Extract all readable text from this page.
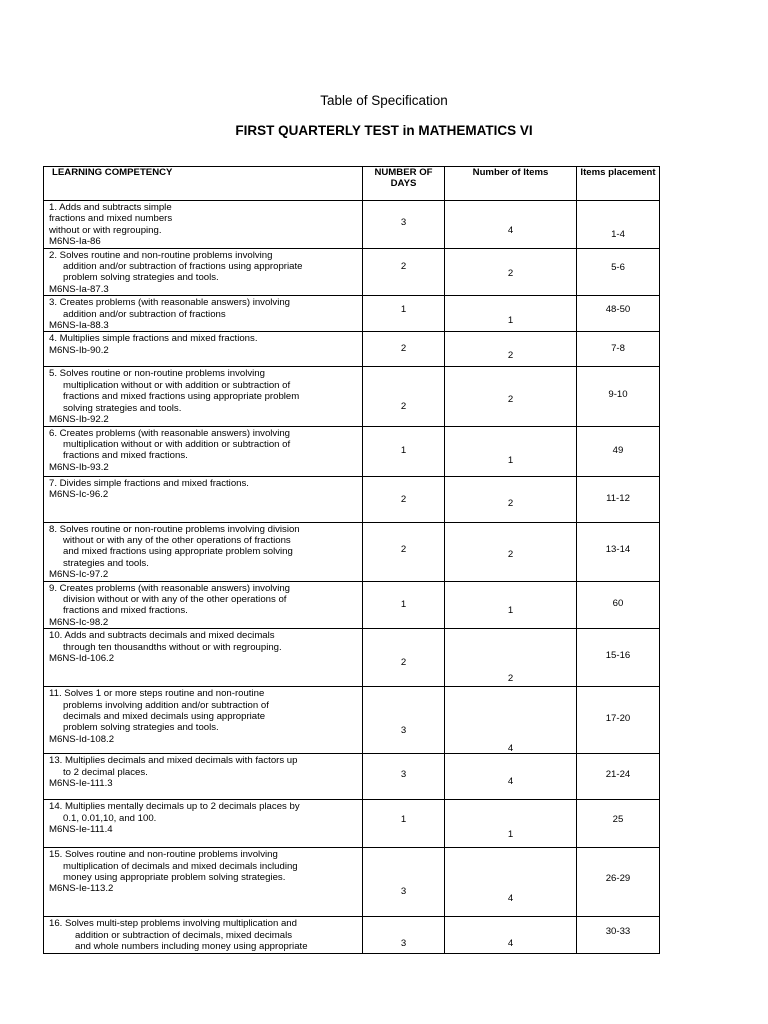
Table of Specification
FIRST QUARTERLY TEST in MATHEMATICS VI
LEARNING COMPETENCY	NUMBER OF DAYS	Number of Items	Items placement

1. Adds and subtracts simple
fractions and mixed numbers
without or with regrouping.
M6NS-Ia-86	3	4	1-4

2. Solves routine and non-routine problems involving
addition and/or subtraction of fractions using appropriate
problem solving strategies and tools.
M6NS-Ia-87.3	2	2	5-6

3. Creates problems (with reasonable answers) involving
addition and/or subtraction of fractions
M6NS-Ia-88.3	1	1	48-50

4. Multiplies simple fractions and mixed fractions.
M6NS-Ib-90.2	2	2	7-8

5. Solves routine or non-routine problems involving
multiplication without or with addition or subtraction of
fractions and mixed fractions using appropriate problem
solving strategies and tools.
M6NS-Ib-92.2	2	2	9-10

6. Creates problems (with reasonable answers) involving
multiplication without or with addition or subtraction of
fractions and mixed fractions.
M6NS-Ib-93.2	1	1	49

7. Divides simple fractions and mixed fractions.
M6NS-Ic-96.2	2	2	11-12

8. Solves routine or non-routine problems involving division
without or with any of the other operations of fractions
and mixed fractions using appropriate problem solving
strategies and tools.
M6NS-Ic-97.2	2	2	13-14

9. Creates problems (with reasonable answers) involving
division without or with any of the other operations of
fractions and mixed fractions.
M6NS-Ic-98.2	1	1	60

10. Adds and subtracts decimals and mixed decimals
through ten thousandths without or with regrouping.
M6NS-Id-106.2	2	2	15-16

11. Solves 1 or more steps routine and non-routine
problems involving addition and/or subtraction of
decimals and mixed decimals using appropriate
problem solving strategies and tools.
M6NS-Id-108.2	3	4	17-20

13. Multiplies decimals and mixed decimals with factors up
to 2 decimal places.
M6NS-Ie-111.3	3	4	21-24

14. Multiplies mentally decimals up to 2 decimals places by
0.1, 0.01,10, and 100.
M6NS-Ie-111.4	1	1	25

15. Solves routine and non-routine problems involving
multiplication of decimals and mixed decimals including
money using appropriate problem solving strategies.
M6NS-Ie-113.2	3	4	26-29

16. Solves multi-step problems involving multiplication and
addition or subtraction of decimals, mixed decimals
and whole numbers including money using appropriate	3	4	30-33
